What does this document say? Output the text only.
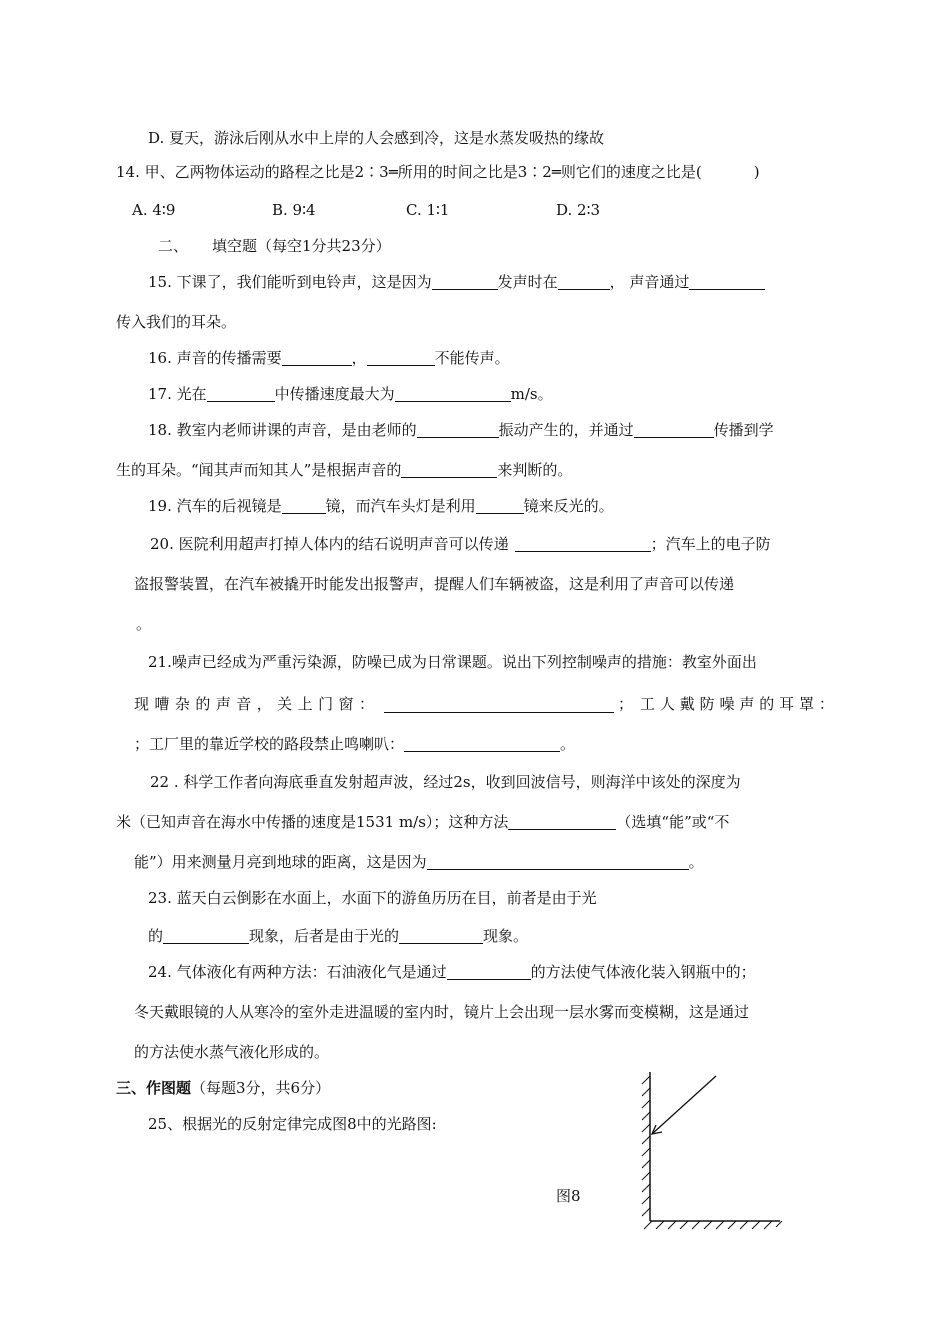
D. 夏天，游泳后刚从水中上岸的人会感到冷，这是水蒸发吸热的缘故
14. 甲、乙两物体运动的路程之比是2∶3═所用的时间之比是3∶2═则它们的速度之比是(	)
A. 4∶9	B. 9∶4	C. 1∶1	D. 2∶3
二、 填空题（每空1分共23分）
15. 下课了，我们能听到电铃声，这是因为	发声时在	， 声音通过
传入我们的耳朵。
16. 声音的传播需要	，	不能传声。
17. 光在	中传播速度最大为	m/s。
18. 教室内老师讲课的声音，是由老师的	振动产生的，并通过	传播到学
生的耳朵。“闻其声而知其人”是根据声音的	来判断的。
19. 汽车的后视镜是	镜，而汽车头灯是利用	镜来反光的。
20. 医院利用超声打掉人体内的结石说明声音可以传递	；汽车上的电子防
盗报警装置，在汽车被撬开时能发出报警声，提醒人们车辆被盗，这是利用了声音可以传递
。
21.噪声已经成为严重污染源，防噪已成为日常课题。说出下列控制噪声的措施：教室外面出
现 嘈 杂 的 声 音 ， 关 上 门 窗 ：	； 工 人 戴 防 噪 声 的 耳 罩 ：
；工厂里的靠近学校的路段禁止鸣喇叭：	。
22 . 科学工作者向海底垂直发射超声波，经过2s，收到回波信号，则海洋中该处的深度为
米（已知声音在海水中传播的速度是1531 m/s）；这种方法	（选填“能”或“不
能”）用来测量月亮到地球的距离，这是因为	。
23. 蓝天白云倒影在水面上，水面下的游鱼历历在目，前者是由于光
的	现象，后者是由于光的	现象。
24. 气体液化有两种方法：石油液化气是通过	的方法使气体液化装入钢瓶中的；
冬天戴眼镜的人从寒冷的室外走进温暖的室内时，镜片上会出现一层水雾而变模糊，这是通过
的方法使水蒸气液化形成的。
三、作图题（每题3分，共6分）
25、根据光的反射定律完成图8中的光路图:
图8
